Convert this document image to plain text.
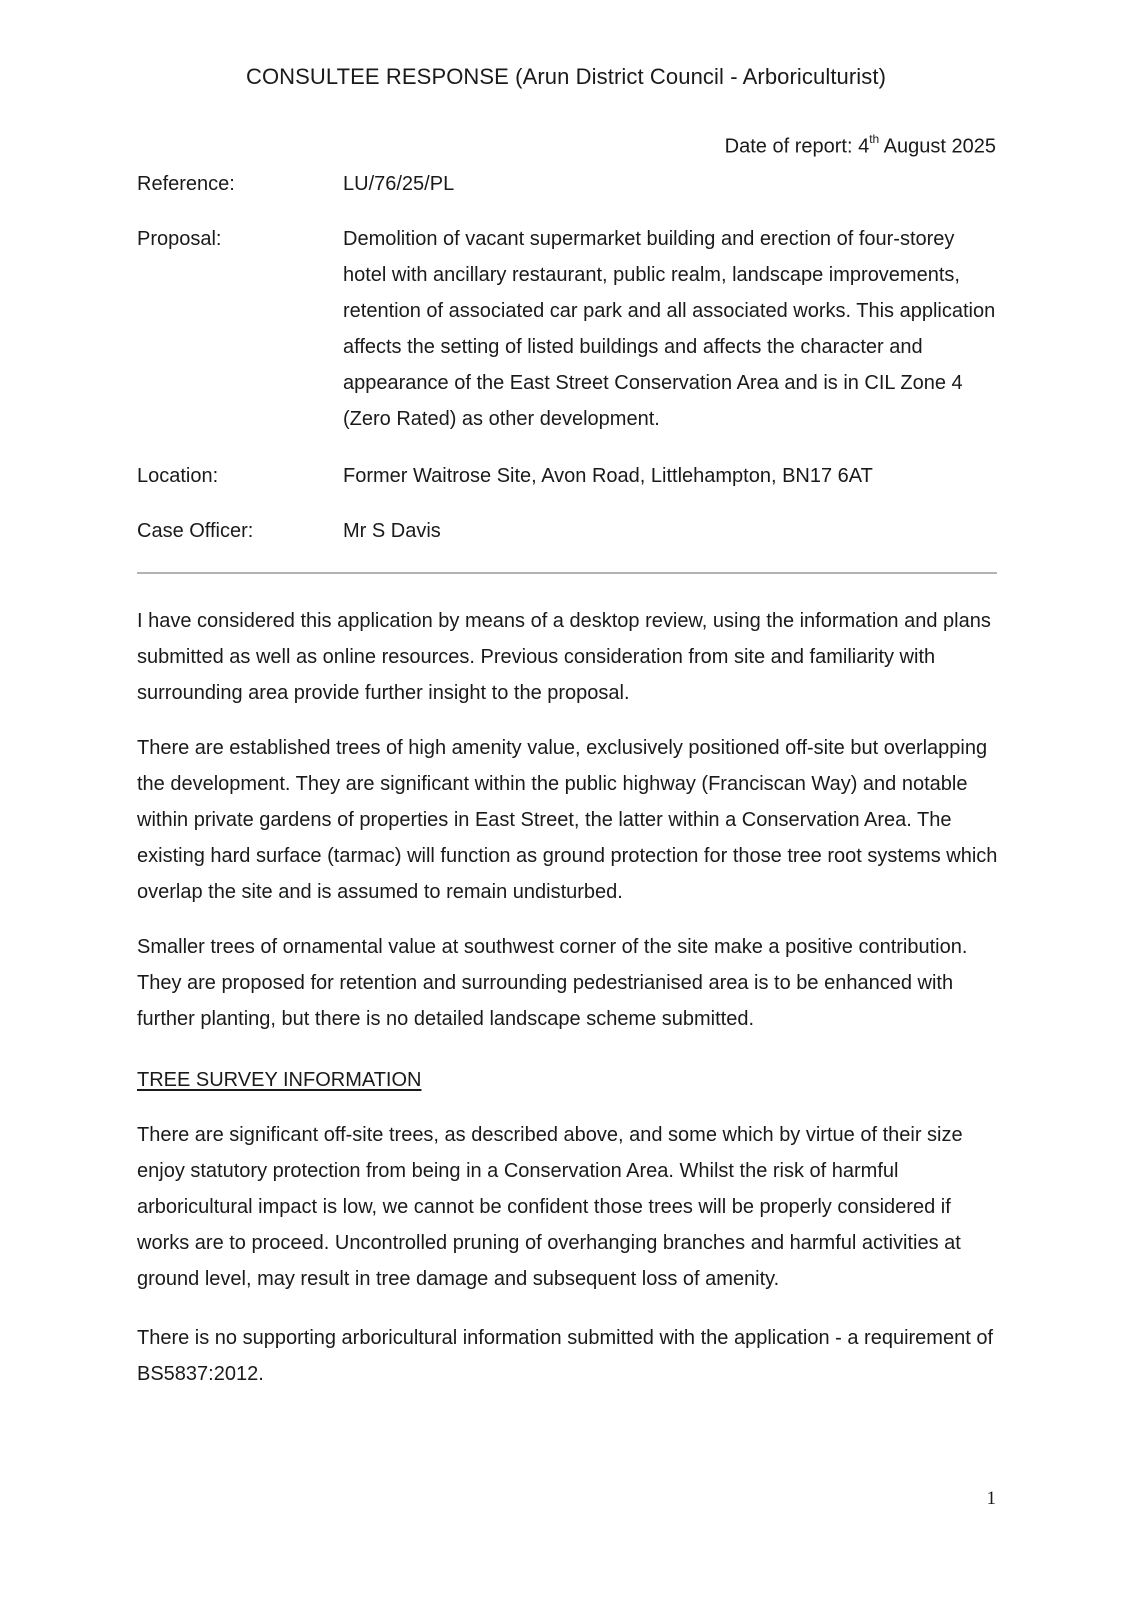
CONSULTEE RESPONSE (Arun District Council - Arboriculturist)
Date of report: 4th August 2025
Reference:	LU/76/25/PL
Proposal:	Demolition of vacant supermarket building and erection of four-storey hotel with ancillary restaurant, public realm, landscape improvements, retention of associated car park and all associated works. This application affects the setting of listed buildings and affects the character and appearance of the East Street Conservation Area and is in CIL Zone 4 (Zero Rated) as other development.
Location:	Former Waitrose Site, Avon Road, Littlehampton, BN17 6AT
Case Officer:	Mr S Davis

I have considered this application by means of a desktop review, using the information and plans submitted as well as online resources. Previous consideration from site and familiarity with surrounding area provide further insight to the proposal.

There are established trees of high amenity value, exclusively positioned off-site but overlapping the development. They are significant within the public highway (Franciscan Way) and notable within private gardens of properties in East Street, the latter within a Conservation Area. The existing hard surface (tarmac) will function as ground protection for those tree root systems which overlap the site and is assumed to remain undisturbed.

Smaller trees of ornamental value at southwest corner of the site make a positive contribution. They are proposed for retention and surrounding pedestrianised area is to be enhanced with further planting, but there is no detailed landscape scheme submitted.

TREE SURVEY INFORMATION

There are significant off-site trees, as described above, and some which by virtue of their size enjoy statutory protection from being in a Conservation Area. Whilst the risk of harmful arboricultural impact is low, we cannot be confident those trees will be properly considered if works are to proceed. Uncontrolled pruning of overhanging branches and harmful activities at ground level, may result in tree damage and subsequent loss of amenity.

There is no supporting arboricultural information submitted with the application - a requirement of BS5837:2012.

1
